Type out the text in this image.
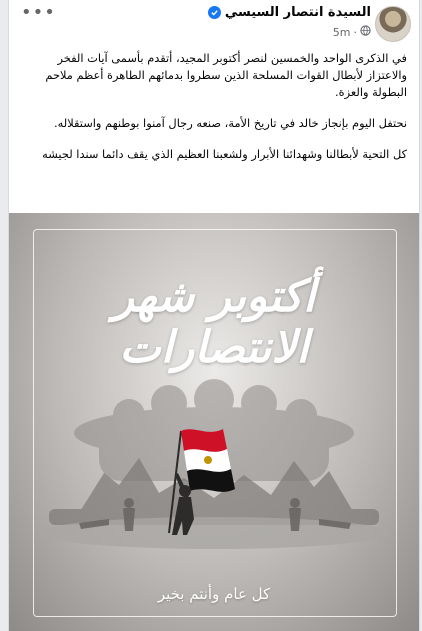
•••	السيدة انتصار السيسي
5m ·

في الذكرى الواحد والخمسين لنصر أكتوبر المجيد، أتقدم بأسمى آيات الفخر والاعتزاز لأبطال القوات المسلحة الذين سطروا بدمائهم الطاهرة أعظم ملاحم البطولة والعزة.

نحتفل اليوم بإنجاز خالد في تاريخ الأمة، صنعه رجال آمنوا بوطنهم واستقلاله.

كل التحية لأبطالنا وشهدائنا الأبرار ولشعبنا العظيم الذي يقف دائما سندا لجيشه

أكتوبر شهر الانتصارات
كل عام وأنتم بخير
